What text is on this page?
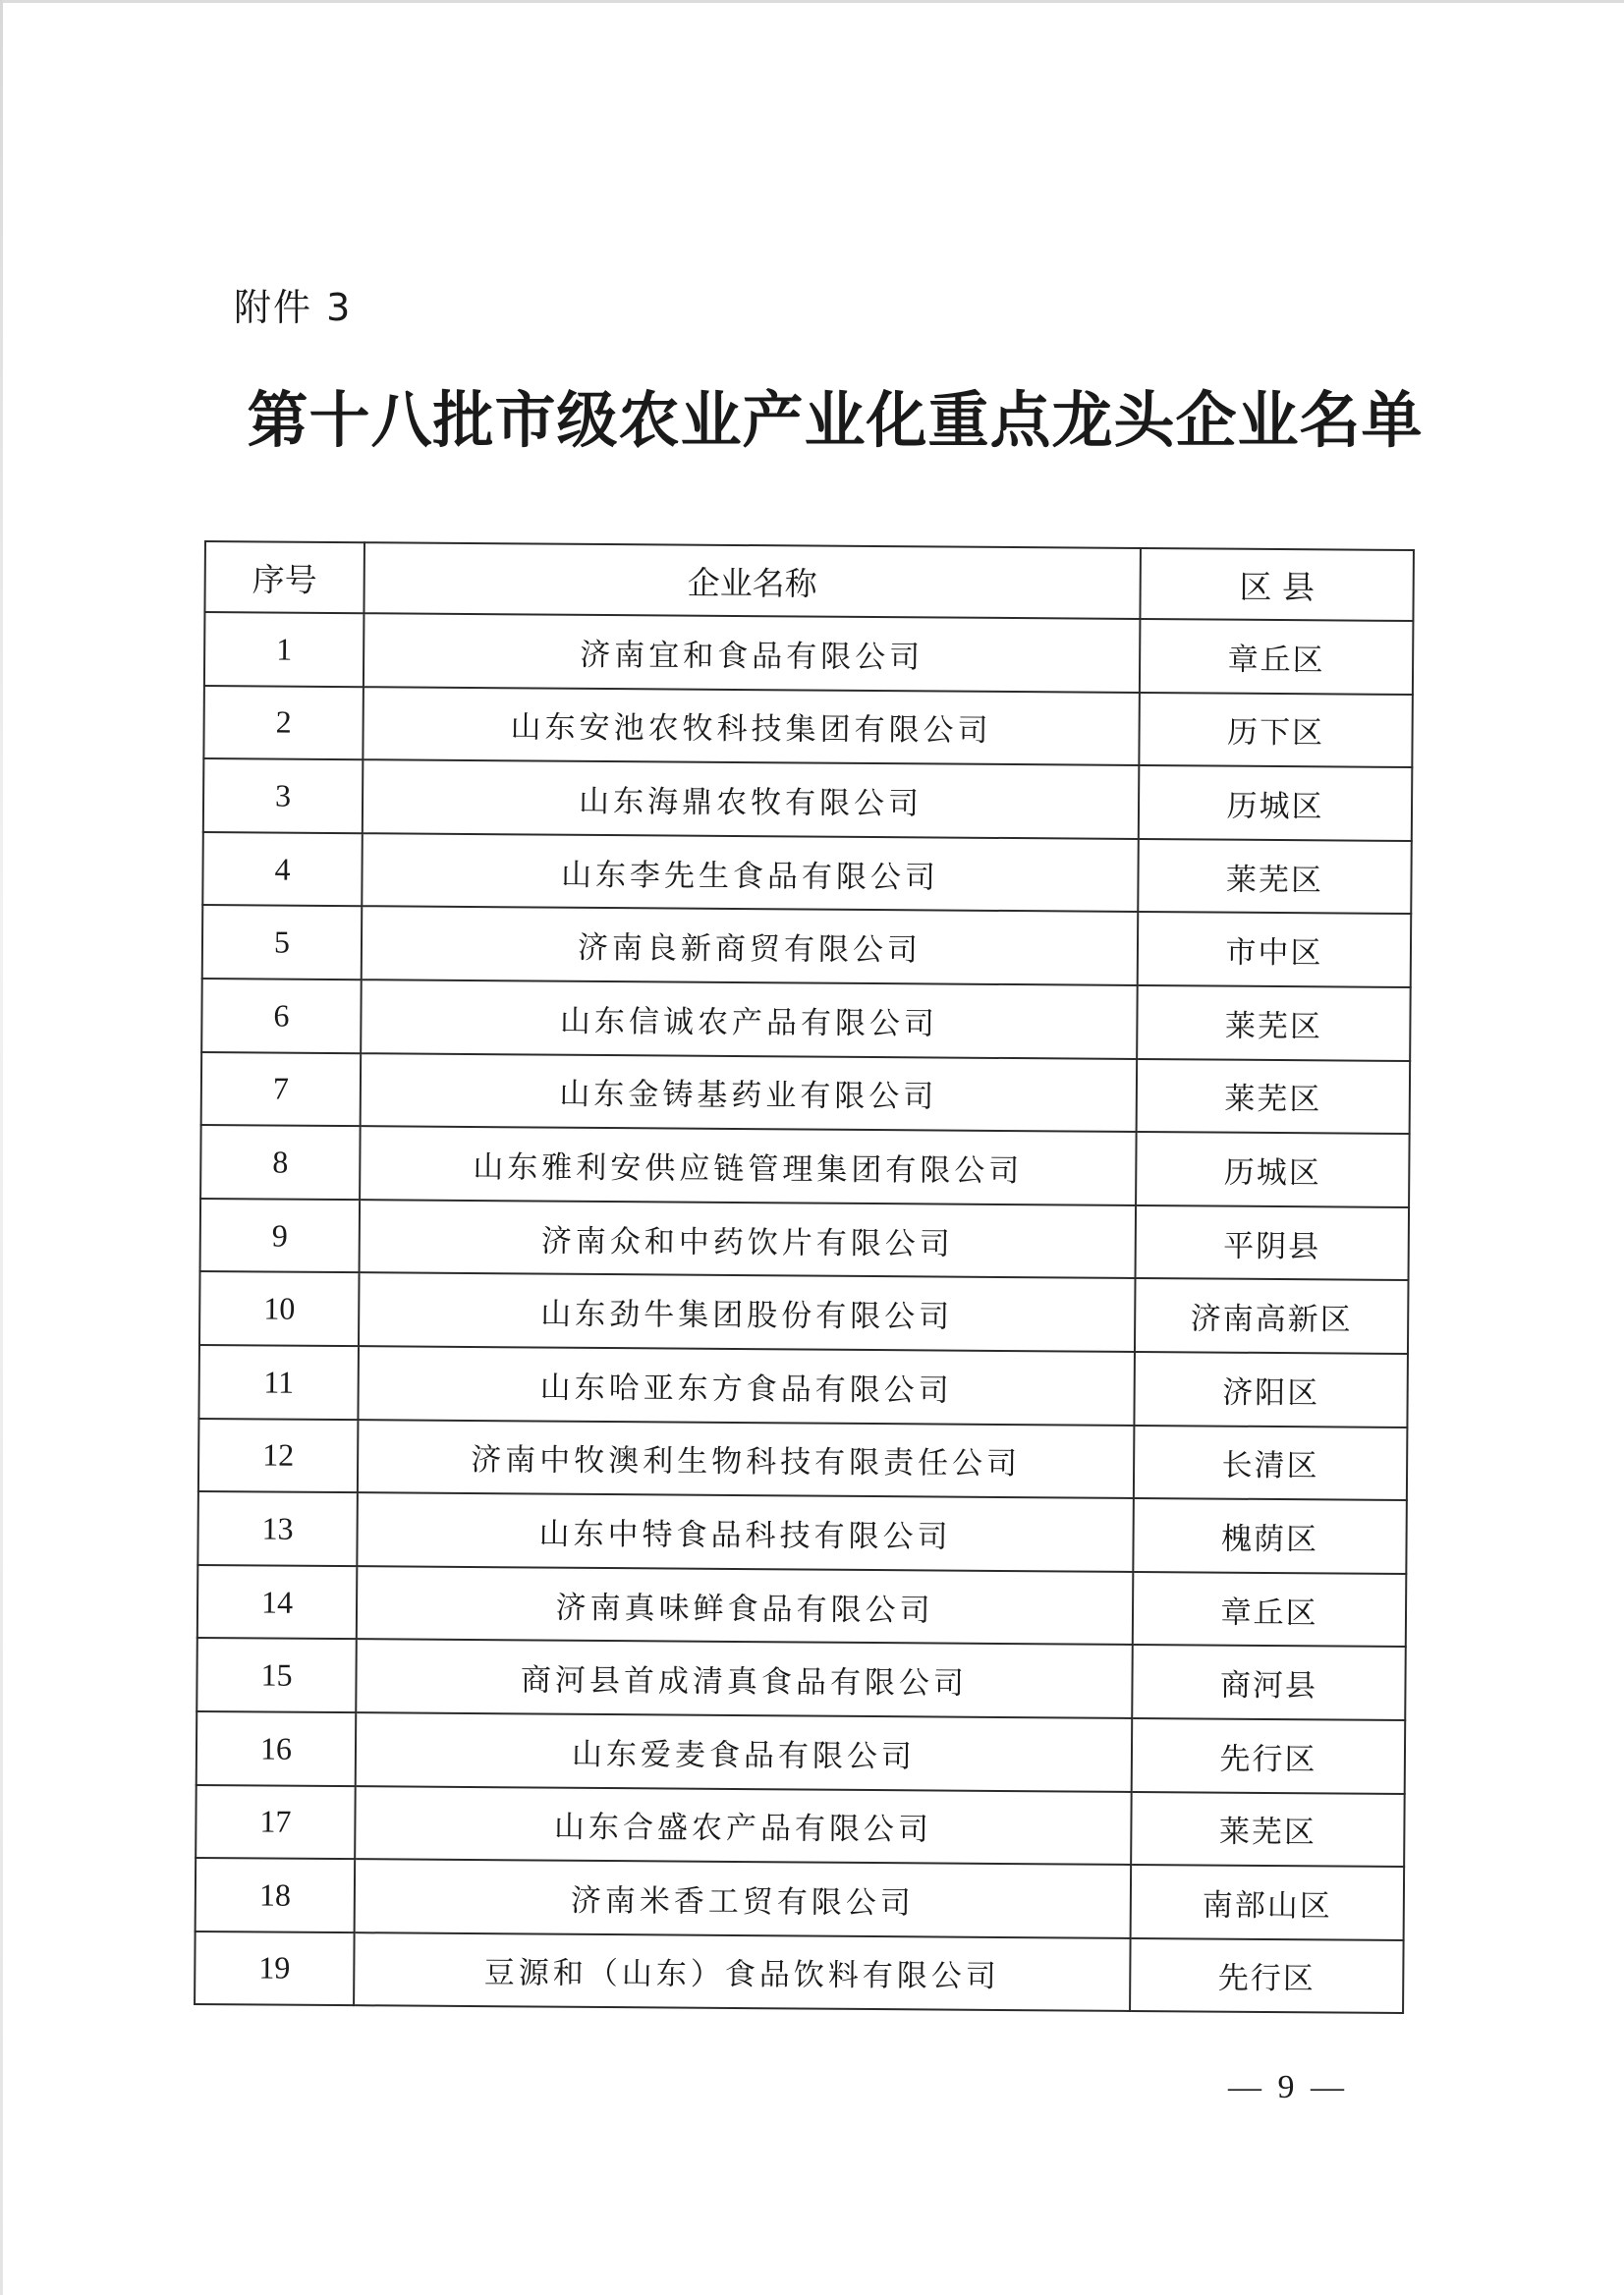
附件 3
第十八批市级农业产业化重点龙头企业名单
序号	企业名称	区 县
1	济南宜和食品有限公司	章丘区
2	山东安池农牧科技集团有限公司	历下区
3	山东海鼎农牧有限公司	历城区
4	山东李先生食品有限公司	莱芜区
5	济南良新商贸有限公司	市中区
6	山东信诚农产品有限公司	莱芜区
7	山东金铸基药业有限公司	莱芜区
8	山东雅利安供应链管理集团有限公司	历城区
9	济南众和中药饮片有限公司	平阴县
10	山东劲牛集团股份有限公司	济南高新区
11	山东哈亚东方食品有限公司	济阳区
12	济南中牧澳利生物科技有限责任公司	长清区
13	山东中特食品科技有限公司	槐荫区
14	济南真味鲜食品有限公司	章丘区
15	商河县首成清真食品有限公司	商河县
16	山东爱麦食品有限公司	先行区
17	山东合盛农产品有限公司	莱芜区
18	济南米香工贸有限公司	南部山区
19	豆源和（山东）食品饮料有限公司	先行区
— 9 —
